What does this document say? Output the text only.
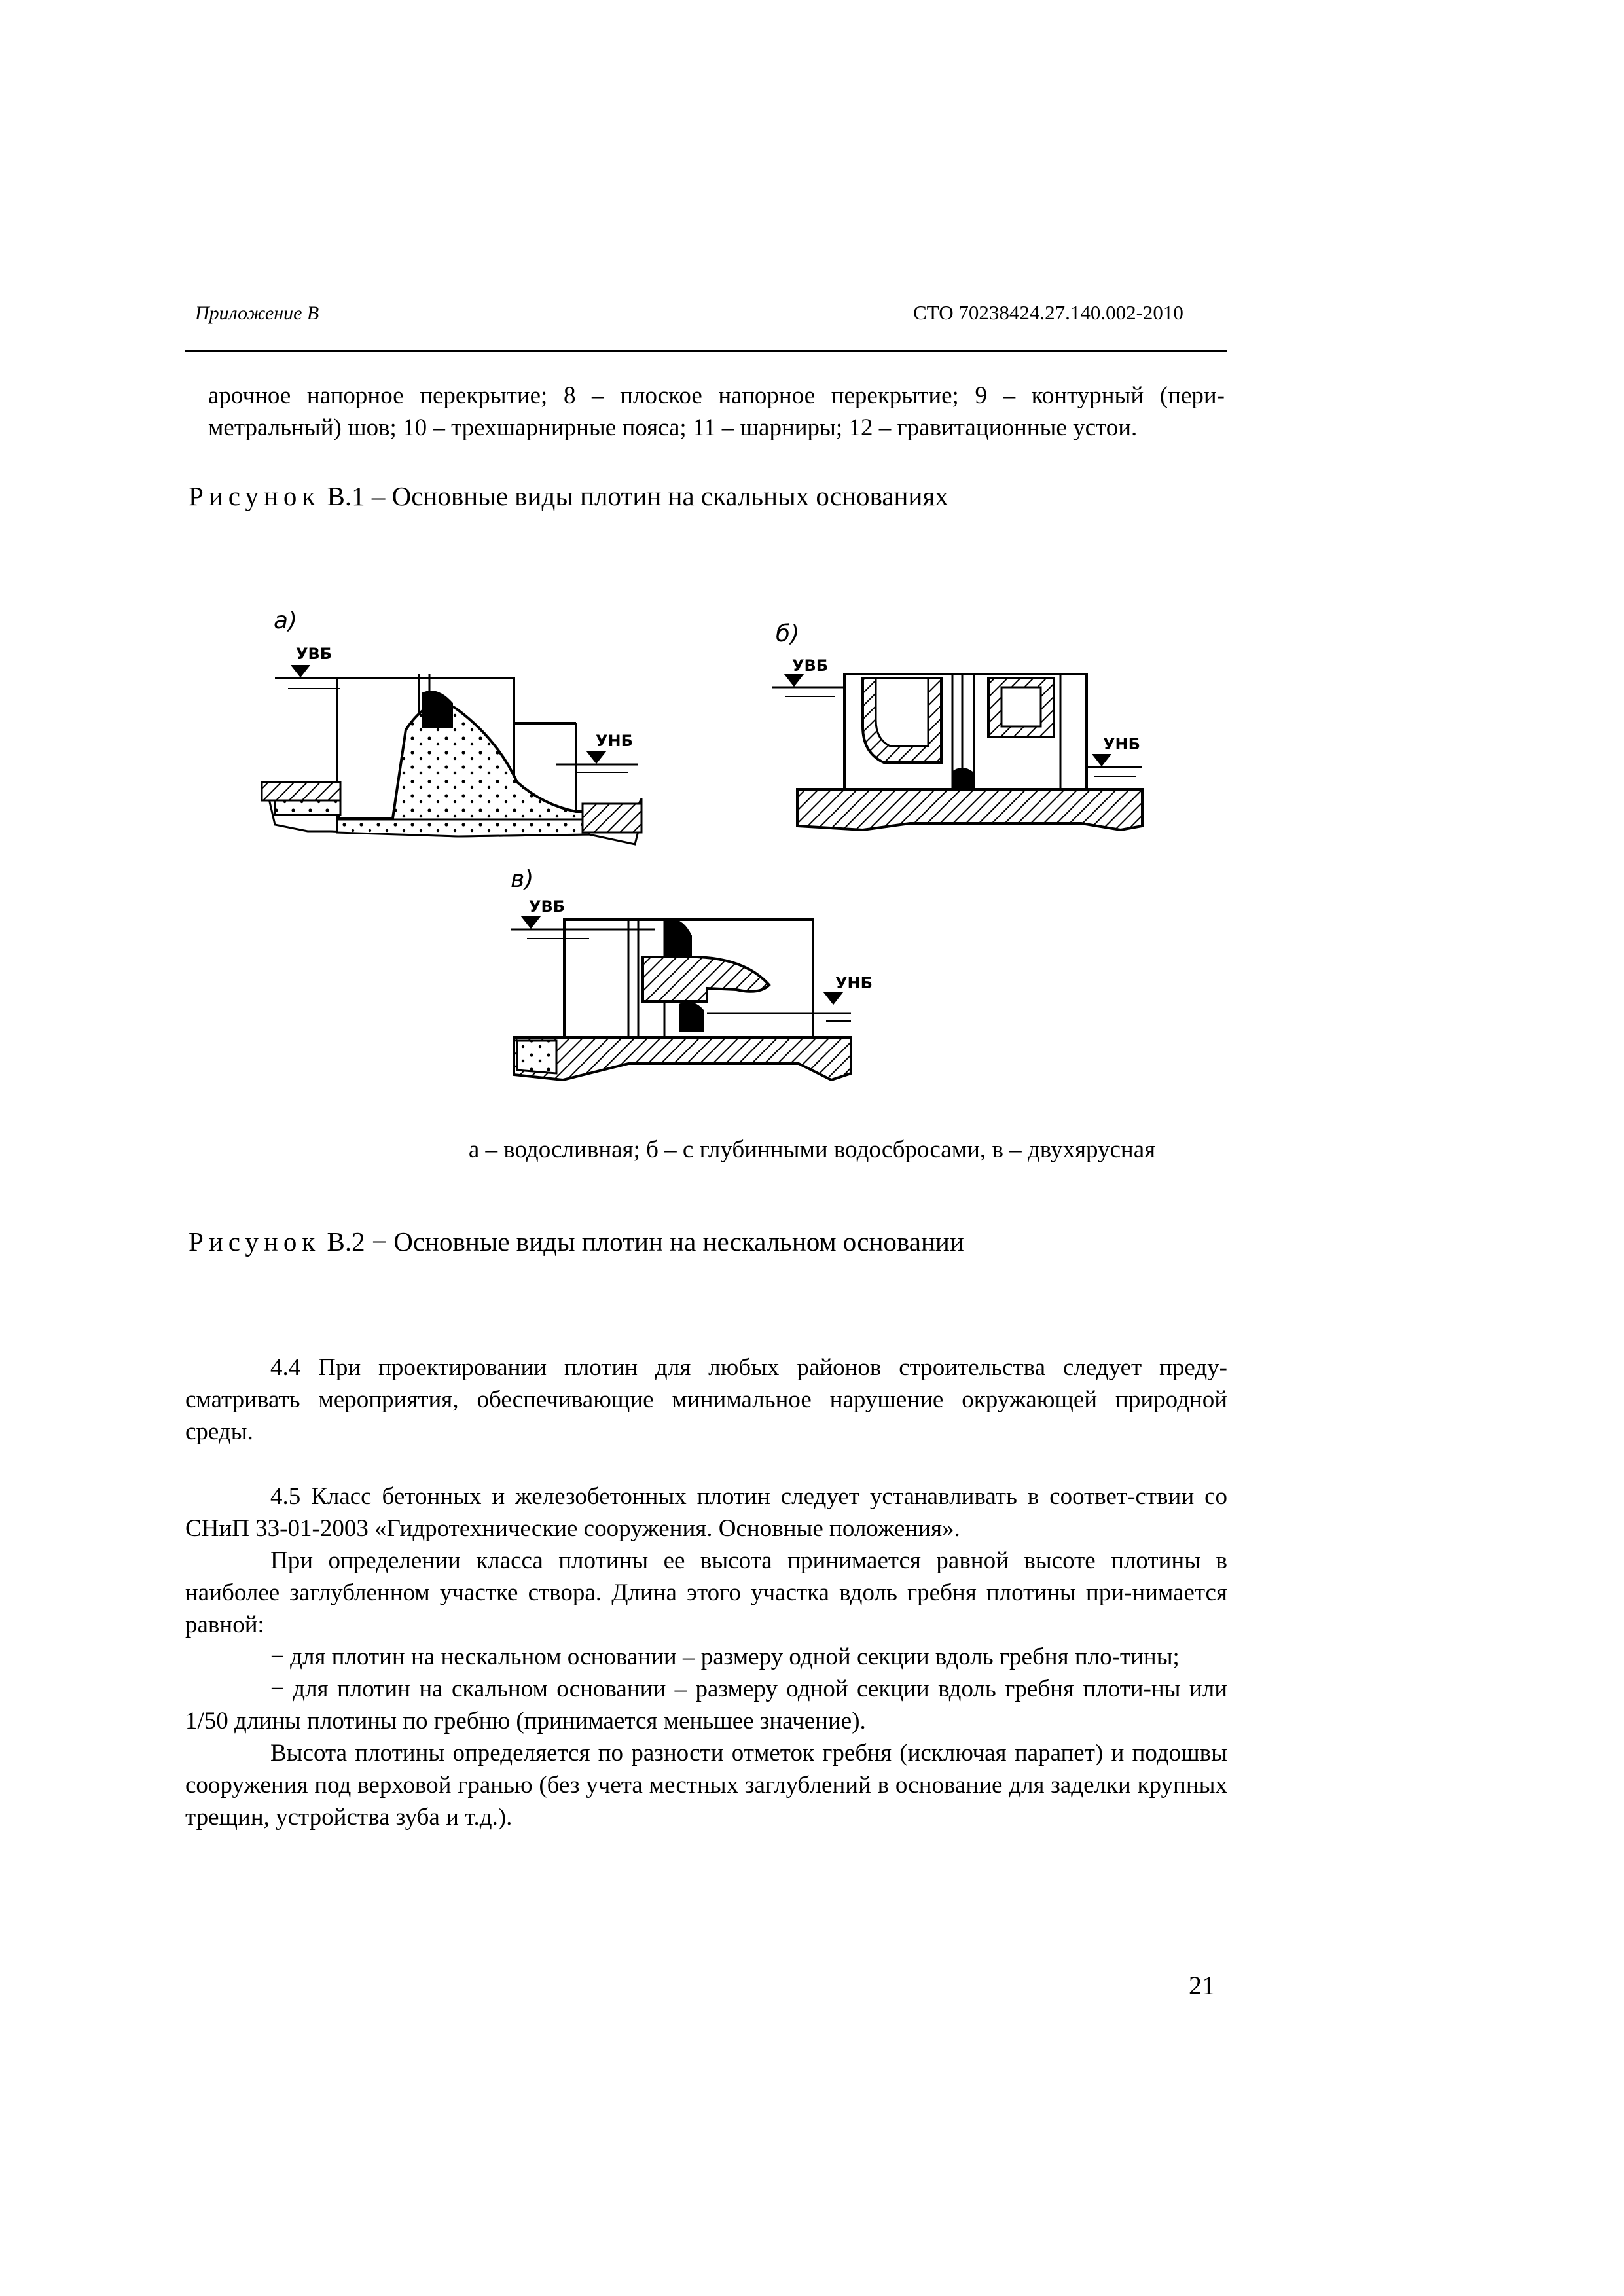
Приложение В	СТО 70238424.27.140.002-2010
арочное напорное перекрытие; 8 – плоское напорное перекрытие; 9 – контурный (пери-метральный) шов; 10 – трехшарнирные пояса; 11 – шарниры; 12 – гравитационные устои.
Рисунок В.1 – Основные виды плотин на скальных основаниях
а)
УВБ
УНБ
б)
УВБ
УНБ
в)
УВБ
УНБ
а – водосливная; б – с глубинными водосбросами, в – двухярусная
Рисунок В.2 − Основные виды плотин на нескальном основании

4.4 При проектировании плотин для любых районов строительства следует преду-сматривать мероприятия, обеспечивающие минимальное нарушение окружающей природной среды.

4.5 Класс бетонных и железобетонных плотин следует устанавливать в соответ-ствии со СНиП 33-01-2003 «Гидротехнические сооружения. Основные положения».

При определении класса плотины ее высота принимается равной высоте плотины в наиболее заглубленном участке створа. Длина этого участка вдоль гребня плотины при-нимается равной:

− для плотин на нескальном основании – размеру одной секции вдоль гребня пло-тины;

− для плотин на скальном основании – размеру одной секции вдоль гребня плоти-ны или 1/50 длины плотины по гребню (принимается меньшее значение).

Высота плотины определяется по разности отметок гребня (исключая парапет) и подошвы сооружения под верховой гранью (без учета местных заглублений в основание для заделки крупных трещин, устройства зуба и т.д.).

21
